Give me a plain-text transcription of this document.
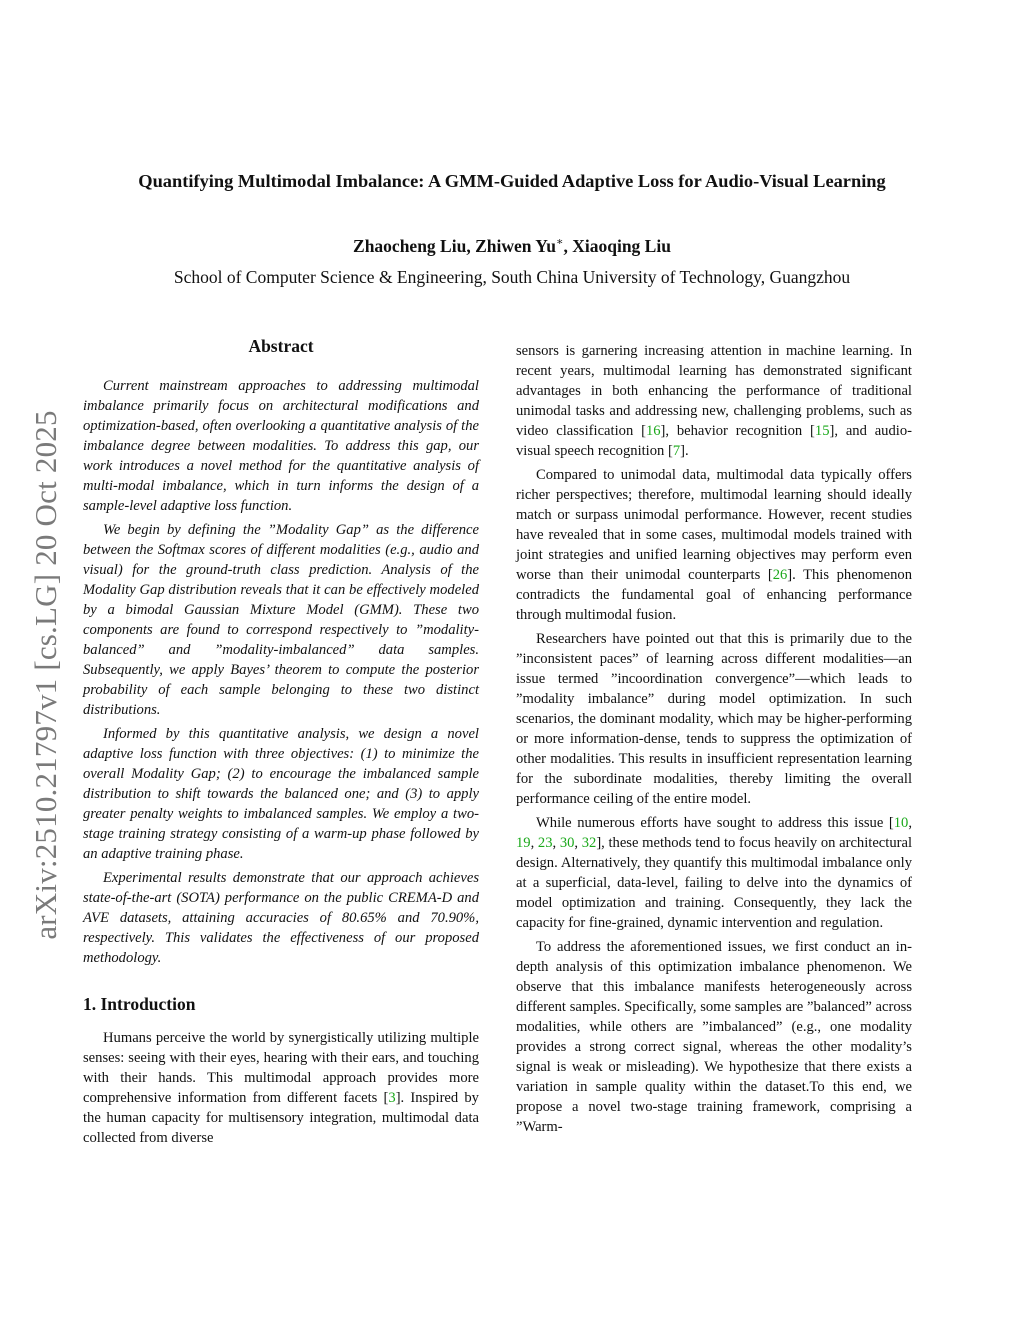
arXiv:2510.21797v1 [cs.LG] 20 Oct 2025
Quantifying Multimodal Imbalance: A GMM-Guided Adaptive Loss for Audio-Visual Learning
Zhaocheng Liu, Zhiwen Yu∗, Xiaoqing Liu
School of Computer Science & Engineering, South China University of Technology, Guangzhou
Abstract

Current mainstream approaches to addressing multimodal imbalance primarily focus on architectural modifications and optimization-based, often overlooking a quantitative analysis of the imbalance degree between modalities. To address this gap, our work introduces a novel method for the quantitative analysis of multi-modal imbalance, which in turn informs the design of a sample-level adaptive loss function.

We begin by defining the ”Modality Gap” as the difference between the Softmax scores of different modalities (e.g., audio and visual) for the ground-truth class prediction. Analysis of the Modality Gap distribution reveals that it can be effectively modeled by a bimodal Gaussian Mixture Model (GMM). These two components are found to correspond respectively to ”modality-balanced” and ”modality-imbalanced” data samples. Subsequently, we apply Bayes’ theorem to compute the posterior probability of each sample belonging to these two distinct distributions.

Informed by this quantitative analysis, we design a novel adaptive loss function with three objectives: (1) to minimize the overall Modality Gap; (2) to encourage the imbalanced sample distribution to shift towards the balanced one; and (3) to apply greater penalty weights to imbalanced samples. We employ a two-stage training strategy consisting of a warm-up phase followed by an adaptive training phase.

Experimental results demonstrate that our approach achieves state-of-the-art (SOTA) performance on the public CREMA-D and AVE datasets, attaining accuracies of 80.65% and 70.90%, respectively. This validates the effectiveness of our proposed methodology.

1. Introduction

Humans perceive the world by synergistically utilizing multiple senses: seeing with their eyes, hearing with their ears, and touching with their hands. This multimodal approach provides more comprehensive information from different facets [3]. Inspired by the human capacity for multisensory integration, multimodal data collected from diverse

sensors is garnering increasing attention in machine learning. In recent years, multimodal learning has demonstrated significant advantages in both enhancing the performance of traditional unimodal tasks and addressing new, challenging problems, such as video classification [16], behavior recognition [15], and audio-visual speech recognition [7].

Compared to unimodal data, multimodal data typically offers richer perspectives; therefore, multimodal learning should ideally match or surpass unimodal performance. However, recent studies have revealed that in some cases, multimodal models trained with joint strategies and unified learning objectives may perform even worse than their unimodal counterparts [26]. This phenomenon contradicts the fundamental goal of enhancing performance through multimodal fusion.

Researchers have pointed out that this is primarily due to the ”inconsistent paces” of learning across different modalities—an issue termed ”incoordination convergence”—which leads to ”modality imbalance” during model optimization. In such scenarios, the dominant modality, which may be higher-performing or more information-dense, tends to suppress the optimization of other modalities. This results in insufficient representation learning for the subordinate modalities, thereby limiting the overall performance ceiling of the entire model.

While numerous efforts have sought to address this issue [10, 19, 23, 30, 32], these methods tend to focus heavily on architectural design. Alternatively, they quantify this multimodal imbalance only at a superficial, data-level, failing to delve into the dynamics of model optimization and training. Consequently, they lack the capacity for fine-grained, dynamic intervention and regulation.

To address the aforementioned issues, we first conduct an in-depth analysis of this optimization imbalance phenomenon. We observe that this imbalance manifests heterogeneously across different samples. Specifically, some samples are ”balanced” across modalities, while others are ”imbalanced” (e.g., one modality provides a strong correct signal, whereas the other modality’s signal is weak or misleading). We hypothesize that there exists a variation in sample quality within the dataset.To this end, we propose a novel two-stage training framework, comprising a ”Warm-
